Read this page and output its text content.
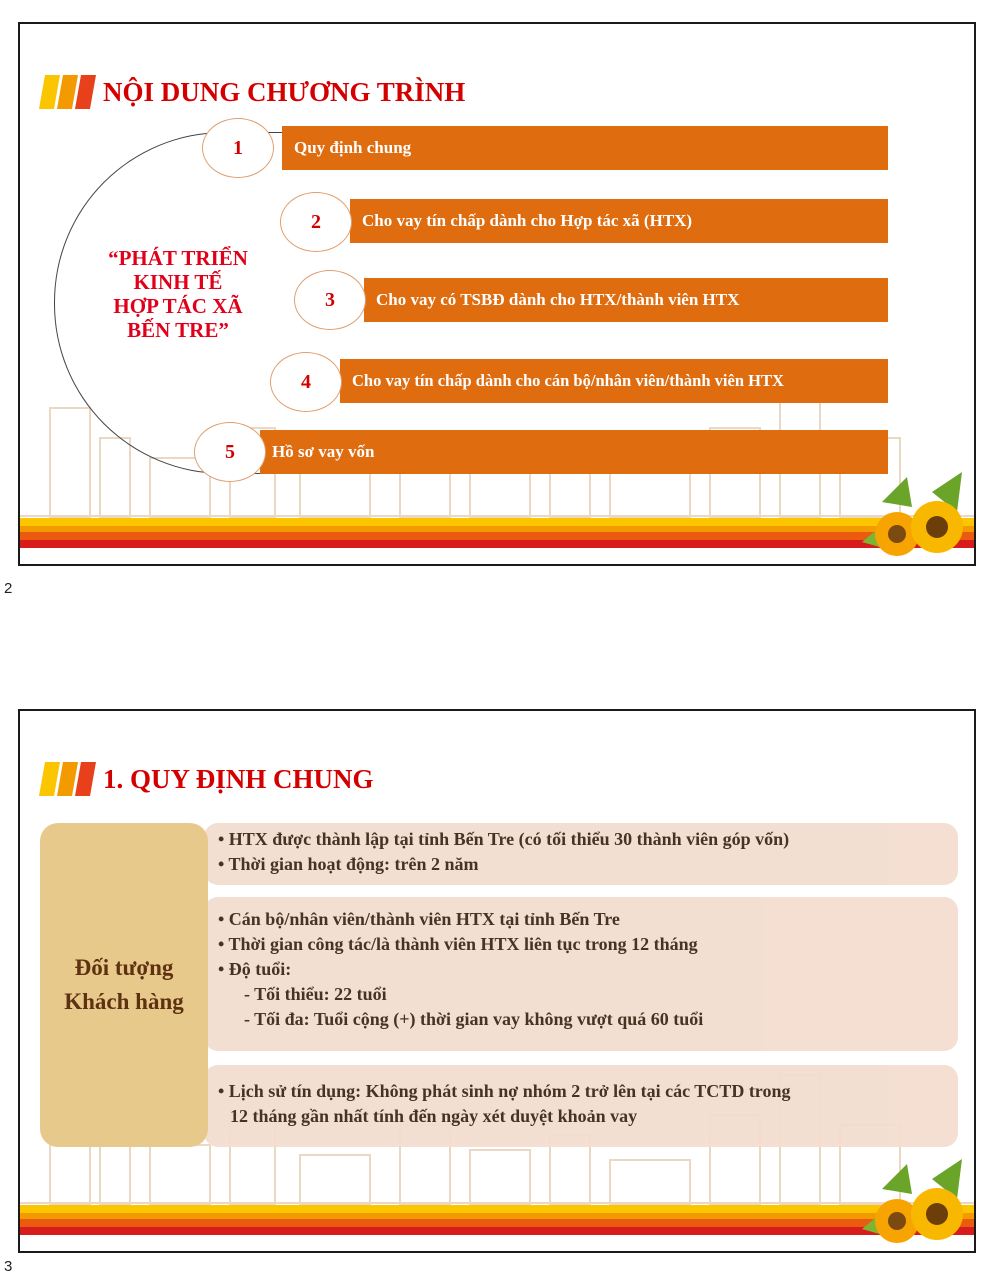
NỘI DUNG CHƯƠNG TRÌNH
“PHÁT TRIỂN
KINH TẾ
HỢP TÁC XÃ
BẾN TRE”
Quy định chung
1
Cho vay tín chấp dành cho Hợp tác xã (HTX)
2
Cho vay có TSBĐ dành cho HTX/thành viên HTX
3
Cho vay tín chấp dành cho cán bộ/nhân viên/thành viên HTX
4
Hồ sơ vay vốn
5
2
1. QUY ĐỊNH CHUNG
• HTX được thành lập tại tỉnh Bến Tre (có tối thiểu 30 thành viên góp vốn)
• Thời gian hoạt động: trên 2 năm
• Cán bộ/nhân viên/thành viên HTX tại tỉnh Bến Tre
• Thời gian công tác/là thành viên HTX liên tục trong 12 tháng
• Độ tuổi:
- Tối thiểu: 22 tuổi
- Tối đa: Tuổi cộng (+) thời gian vay không vượt quá 60 tuổi
• Lịch sử tín dụng: Không phát sinh nợ nhóm 2 trở lên tại các TCTD trong
12 tháng gần nhất tính đến ngày xét duyệt khoản vay
Đối tượng
Khách hàng
3
